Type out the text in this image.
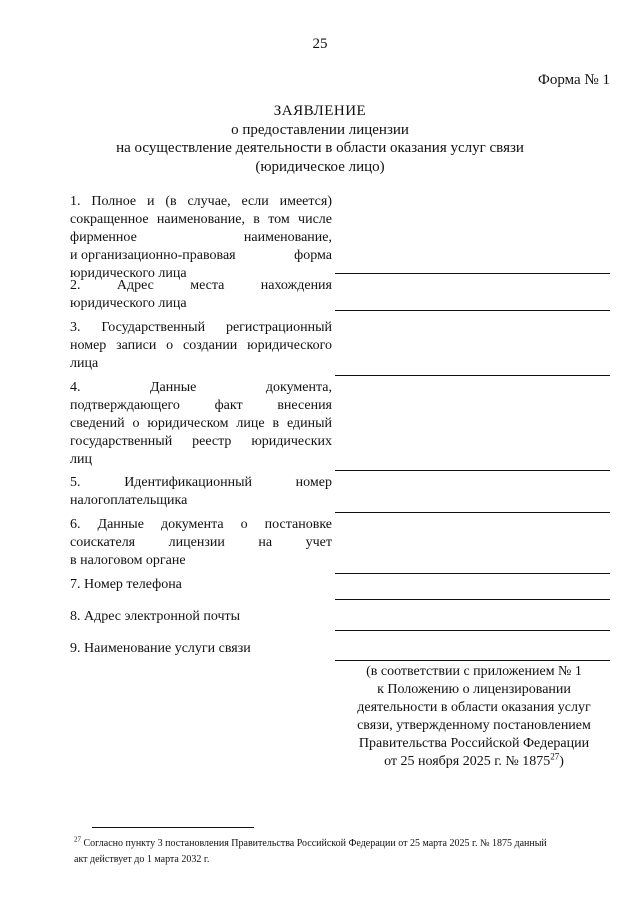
25
Форма № 1
ЗАЯВЛЕНИЕ
о предоставлении лицензии
на осуществление деятельности в области оказания услуг связи
(юридическое лицо)
1. Полное и (в случае, если имеется)
сокращенное наименование, в том числе
фирменное	наименование,
и организационно-правовая	форма
юридического лица
2.	Адрес	места	нахождения
юридического лица
3. Государственный регистрационный
номер записи о создании юридического
лица
4.	Данные	документа,
подтверждающего факт внесения
сведений о юридическом лице в единый
государственный реестр юридических
лиц
5.	Идентификационный	номер
налогоплательщика
6. Данные документа о постановке
соискателя лицензии на учет
в налоговом органе
7. Номер телефона
8. Адрес электронной почты
9. Наименование услуги связи
(в соответствии с приложением № 1
к Положению о лицензировании
деятельности в области оказания услуг
связи, утвержденному постановлением
Правительства Российской Федерации
от 25 ноября 2025 г. № 1875$^{27}$)
$^{27}$ Согласно пункту 3 постановления Правительства Российской Федерации от 25 марта 2025 г. № 1875 данный
акт действует до 1 марта 2032 г.
